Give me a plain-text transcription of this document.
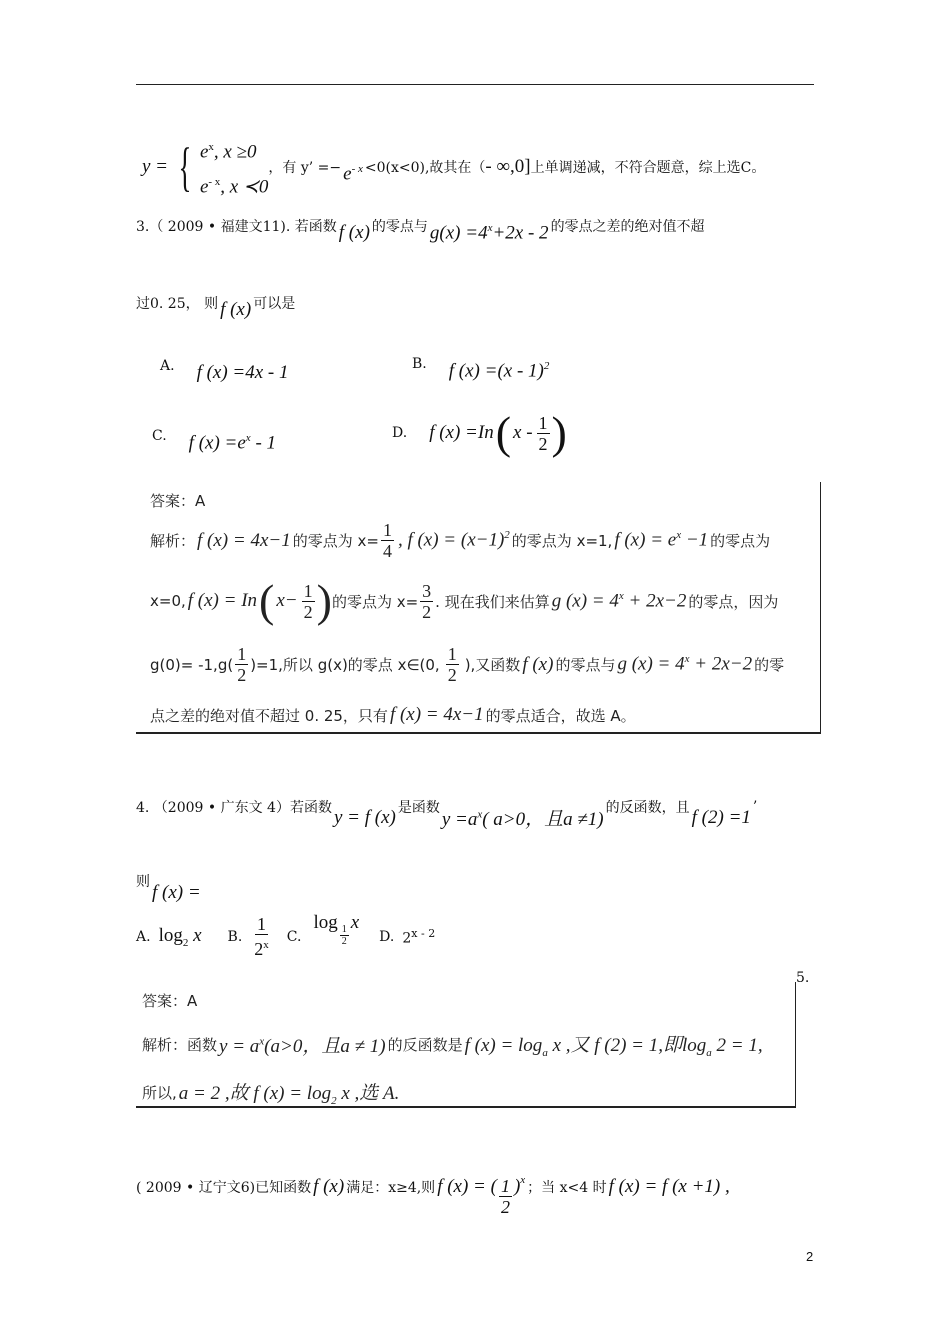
y = { $e^x$, x ≥0
$e^{- x}$, x ≺0
，有 y’ =− $e^{- x} <0(x<0)$,故其在（ - ∞,0] 上单调递减，不符合题意，综上选C。
3.（ 2009 • 福建文11). 若函数 f (x) 的零点与 $g(x) =4^x+2x - 2$ 的零点之差的绝对值不超
过0. 25， 则 f (x) 可以是
A. f (x) =4x - 1	B. f (x) =(x - 1)$^2$
C. f $(x) =e^x - 1$	D. f (x) =In ( x - $\frac{1}{2}$ )
答案：A
解析： f (x) = 4x−1 的零点为 $x= \frac{1}{4}$ , f $(x) = (x-1)^2$ 的零点为 x=1, f $(x) = e^x -1$ 的零点为
x=0, f (x) = In ( $x- \frac{1}{2}$ ) 的零点为 $x= \frac{3}{2}$ . 现在我们来估算 g $(x) = 4^x + 2x-2$ 的零点，因为
$g(0)= -1,g( \frac{1}{2} )=1$,所以 g(x)的零点 x∈(0, $\frac{1}{2}$ ),又函数 f (x) 的零点与 g $(x) = 4^x + 2x-2$ 的零
点之差的绝对值不超过 0. 25，只有 f (x) = 4x−1 的零点适合，故选 A。
4. （2009 • 广东文 4）若函数 y = f (x) 是函数
$y =a^x$( a>0，且a ≠1)
的反函数，且 f (2) =1 ’
则 f (x) =
A. $\log_2 x$ B. $\frac{1}{2^x} C$.
log
$\frac{1}{2}$
x
D. 2$^{x - 2}$
答案：A
解析：函数 $y = a^x(a>0$，且a ≠ 1) 的反函数是 f $(x) = \log_a x$ ,又 f (2) = 1,即$\log_a 2 = 1$,
所以, a = 2 ,故 f $(x) = \log_2 x$ ,选 A.
5.
( 2009 • 辽宁文6)已知函数 f (x) 满足：x≥4,则 f (x) = ( $\frac{1}{2} )^x$ ；当 x<4 时 f (x) = f (x +1) ,
2
